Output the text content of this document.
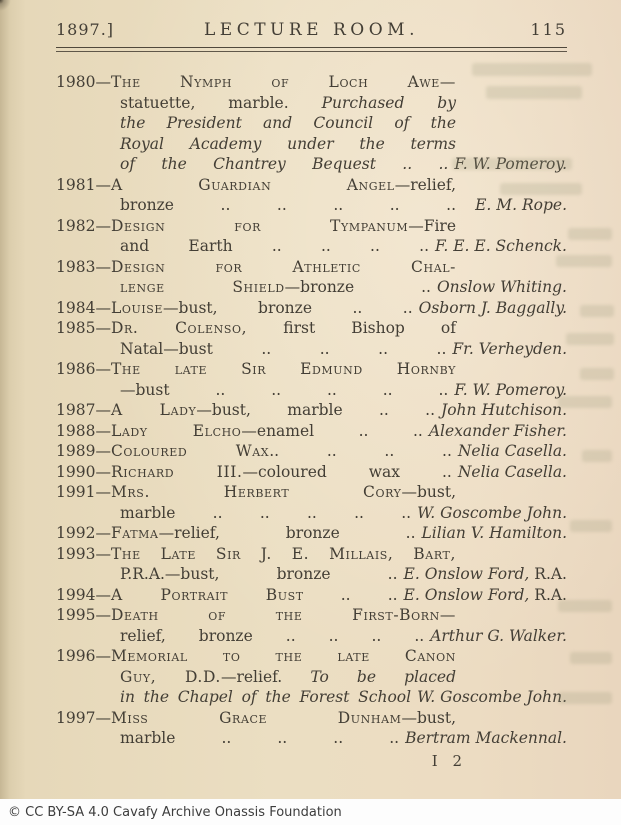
1897.]	LECTURE ROOM.	115
1980—The Nymph of Loch Awe—
statuette, marble. Purchased by
the President and Council of the
Royal Academy under the terms
of the Chantrey Bequest .. .. F. W. Pomeroy.
1981—A Guardian Angel—relief,
bronze .. .. .. .. ..	E. M. Rope.
1982—Design for Tympanum—Fire
and Earth .. .. .. .. F. E. E. Schenck.
1983—Design for Athletic Chal-
lenge Shield—bronze .. Onslow Whiting.
1984—Louise—bust, bronze .. .. Osborn J. Baggally.
1985—Dr. Colenso, first Bishop of
Natal—bust .. .. .. .. Fr. Verheyden.
1986—The late Sir Edmund Hornby
—bust .. .. .. .. .. F. W. Pomeroy.
1987—A Lady—bust, marble .. .. John Hutchison.
1988—Lady Elcho—enamel .. .. Alexander Fisher.
1989—Coloured Wax.. .. .. .. Nelia Casella.
1990—Richard III.—coloured wax .. Nelia Casella.
1991—Mrs. Herbert Cory—bust,
marble .. .. .. .. .. W. Goscombe John.
1992—Fatma—relief, bronze .. Lilian V. Hamilton.
1993—The Late Sir J. E. Millais, Bart,
P.R.A.—bust, bronze .. E. Onslow Ford, R.A.
1994—A Portrait Bust .. .. E. Onslow Ford, R.A.
1995—Death of the First-Born—
relief, bronze .. .. .. .. Arthur G. Walker.
1996—Memorial to the late Canon
Guy, D.D.—relief. To be placed
in the Chapel of the Forest School W. Goscombe John.
1997—Miss Grace Dunham—bust,
marble .. .. .. .. Bertram Mackennal.
I 2
© CC BY-SA 4.0 Cavafy Archive Onassis Foundation
